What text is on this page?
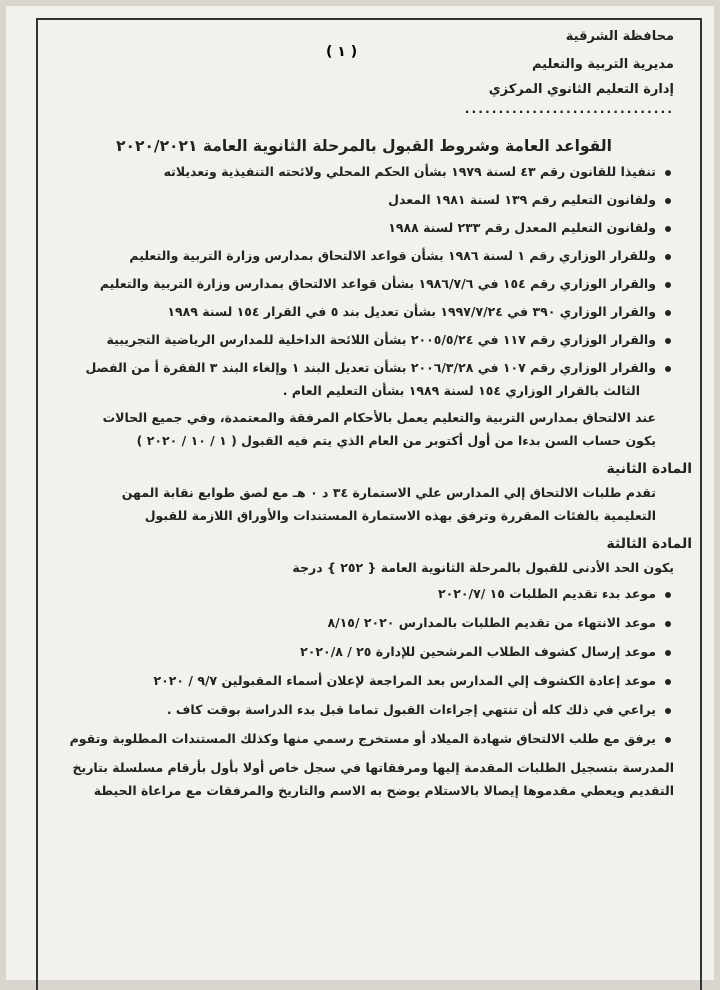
( ١ )

محافظة الشرقية

مديرية التربية والتعليم

إدارة التعليم الثانوي المركزي

...............................
القواعد العامة وشروط القبول بالمرحلة الثانوية العامة ٢٠٢٠/٢٠٢١
تنفيذا للقانون رقم ٤٣ لسنة ١٩٧٩ بشأن الحكم المحلي ولائحته التنفيذية وتعديلاته
ولقانون التعليم رقم ١٣٩ لسنة ١٩٨١ المعدل
ولقانون التعليم المعدل رقم ٢٣٣ لسنة ١٩٨٨
وللقرار الوزاري رقم ١ لسنة ١٩٨٦ بشأن قواعد الالتحاق بمدارس وزارة التربية والتعليم
والقرار الوزاري رقم ١٥٤ في ١٩٨٦/٧/٦ بشأن قواعد الالتحاق بمدارس وزارة التربية والتعليم
والقرار الوزاري ٣٩٠ في ١٩٩٧/٧/٢٤ بشأن تعديل بند ٥ في القرار ١٥٤ لسنة ١٩٨٩
والقرار الوزاري رقم ١١٧ في ٢٠٠٥/٥/٢٤ بشأن اللائحة الداخلية للمدارس الرياضية التجريبية
والقرار الوزاري رقم ١٠٧ في ٢٠٠٦/٣/٢٨ بشأن تعديل البند ١ وإلغاء البند ٣ الفقرة أ من الفصل
الثالث بالقرار الوزاري ١٥٤ لسنة ١٩٨٩ بشأن التعليم العام .

عند الالتحاق بمدارس التربية والتعليم يعمل بالأحكام المرفقة والمعتمدة، وفي جميع الحالات

يكون حساب السن بدءا من أول أكتوبر من العام الذي يتم فيه القبول ( ١ / ١٠ / ٢٠٢٠ )

المادة الثانية

تقدم طلبات الالتحاق إلي المدارس علي الاستمارة ٣٤ د ٠ هـ مع لصق طوابع نقابة المهن

التعليمية بالفئات المقررة وترفق بهذه الاستمارة المستندات والأوراق اللازمة للقبول

المادة الثالثة
يكون الحد الأدنى للقبول بالمرحلة الثانوية العامة { ٢٥٢ } درجة
موعد بدء تقديم الطلبات ١٥ /٢٠٢٠/٧
موعد الانتهاء من تقديم الطلبات بالمدارس ٢٠٢٠ /٨/١٥
موعد إرسال كشوف الطلاب المرشحين للإدارة ٢٥ / ٢٠٢٠/٨
موعد إعادة الكشوف إلي المدارس بعد المراجعة لإعلان أسماء المقبولين ٩/٧ / ٢٠٢٠
يراعي في ذلك كله أن تنتهي إجراءات القبول تماما قبل بدء الدراسة بوقت كاف .
يرفق مع طلب الالتحاق شهادة الميلاد أو مستخرج رسمي منها وكذلك المستندات المطلوبة وتقوم

المدرسة بتسجيل الطلبات المقدمة إليها ومرفقاتها في سجل خاص أولا بأول بأرقام مسلسلة بتاريخ

التقديم ويعطي مقدموها إيصالا بالاستلام يوضح به الاسم والتاريخ والمرفقات مع مراعاة الحيطة
